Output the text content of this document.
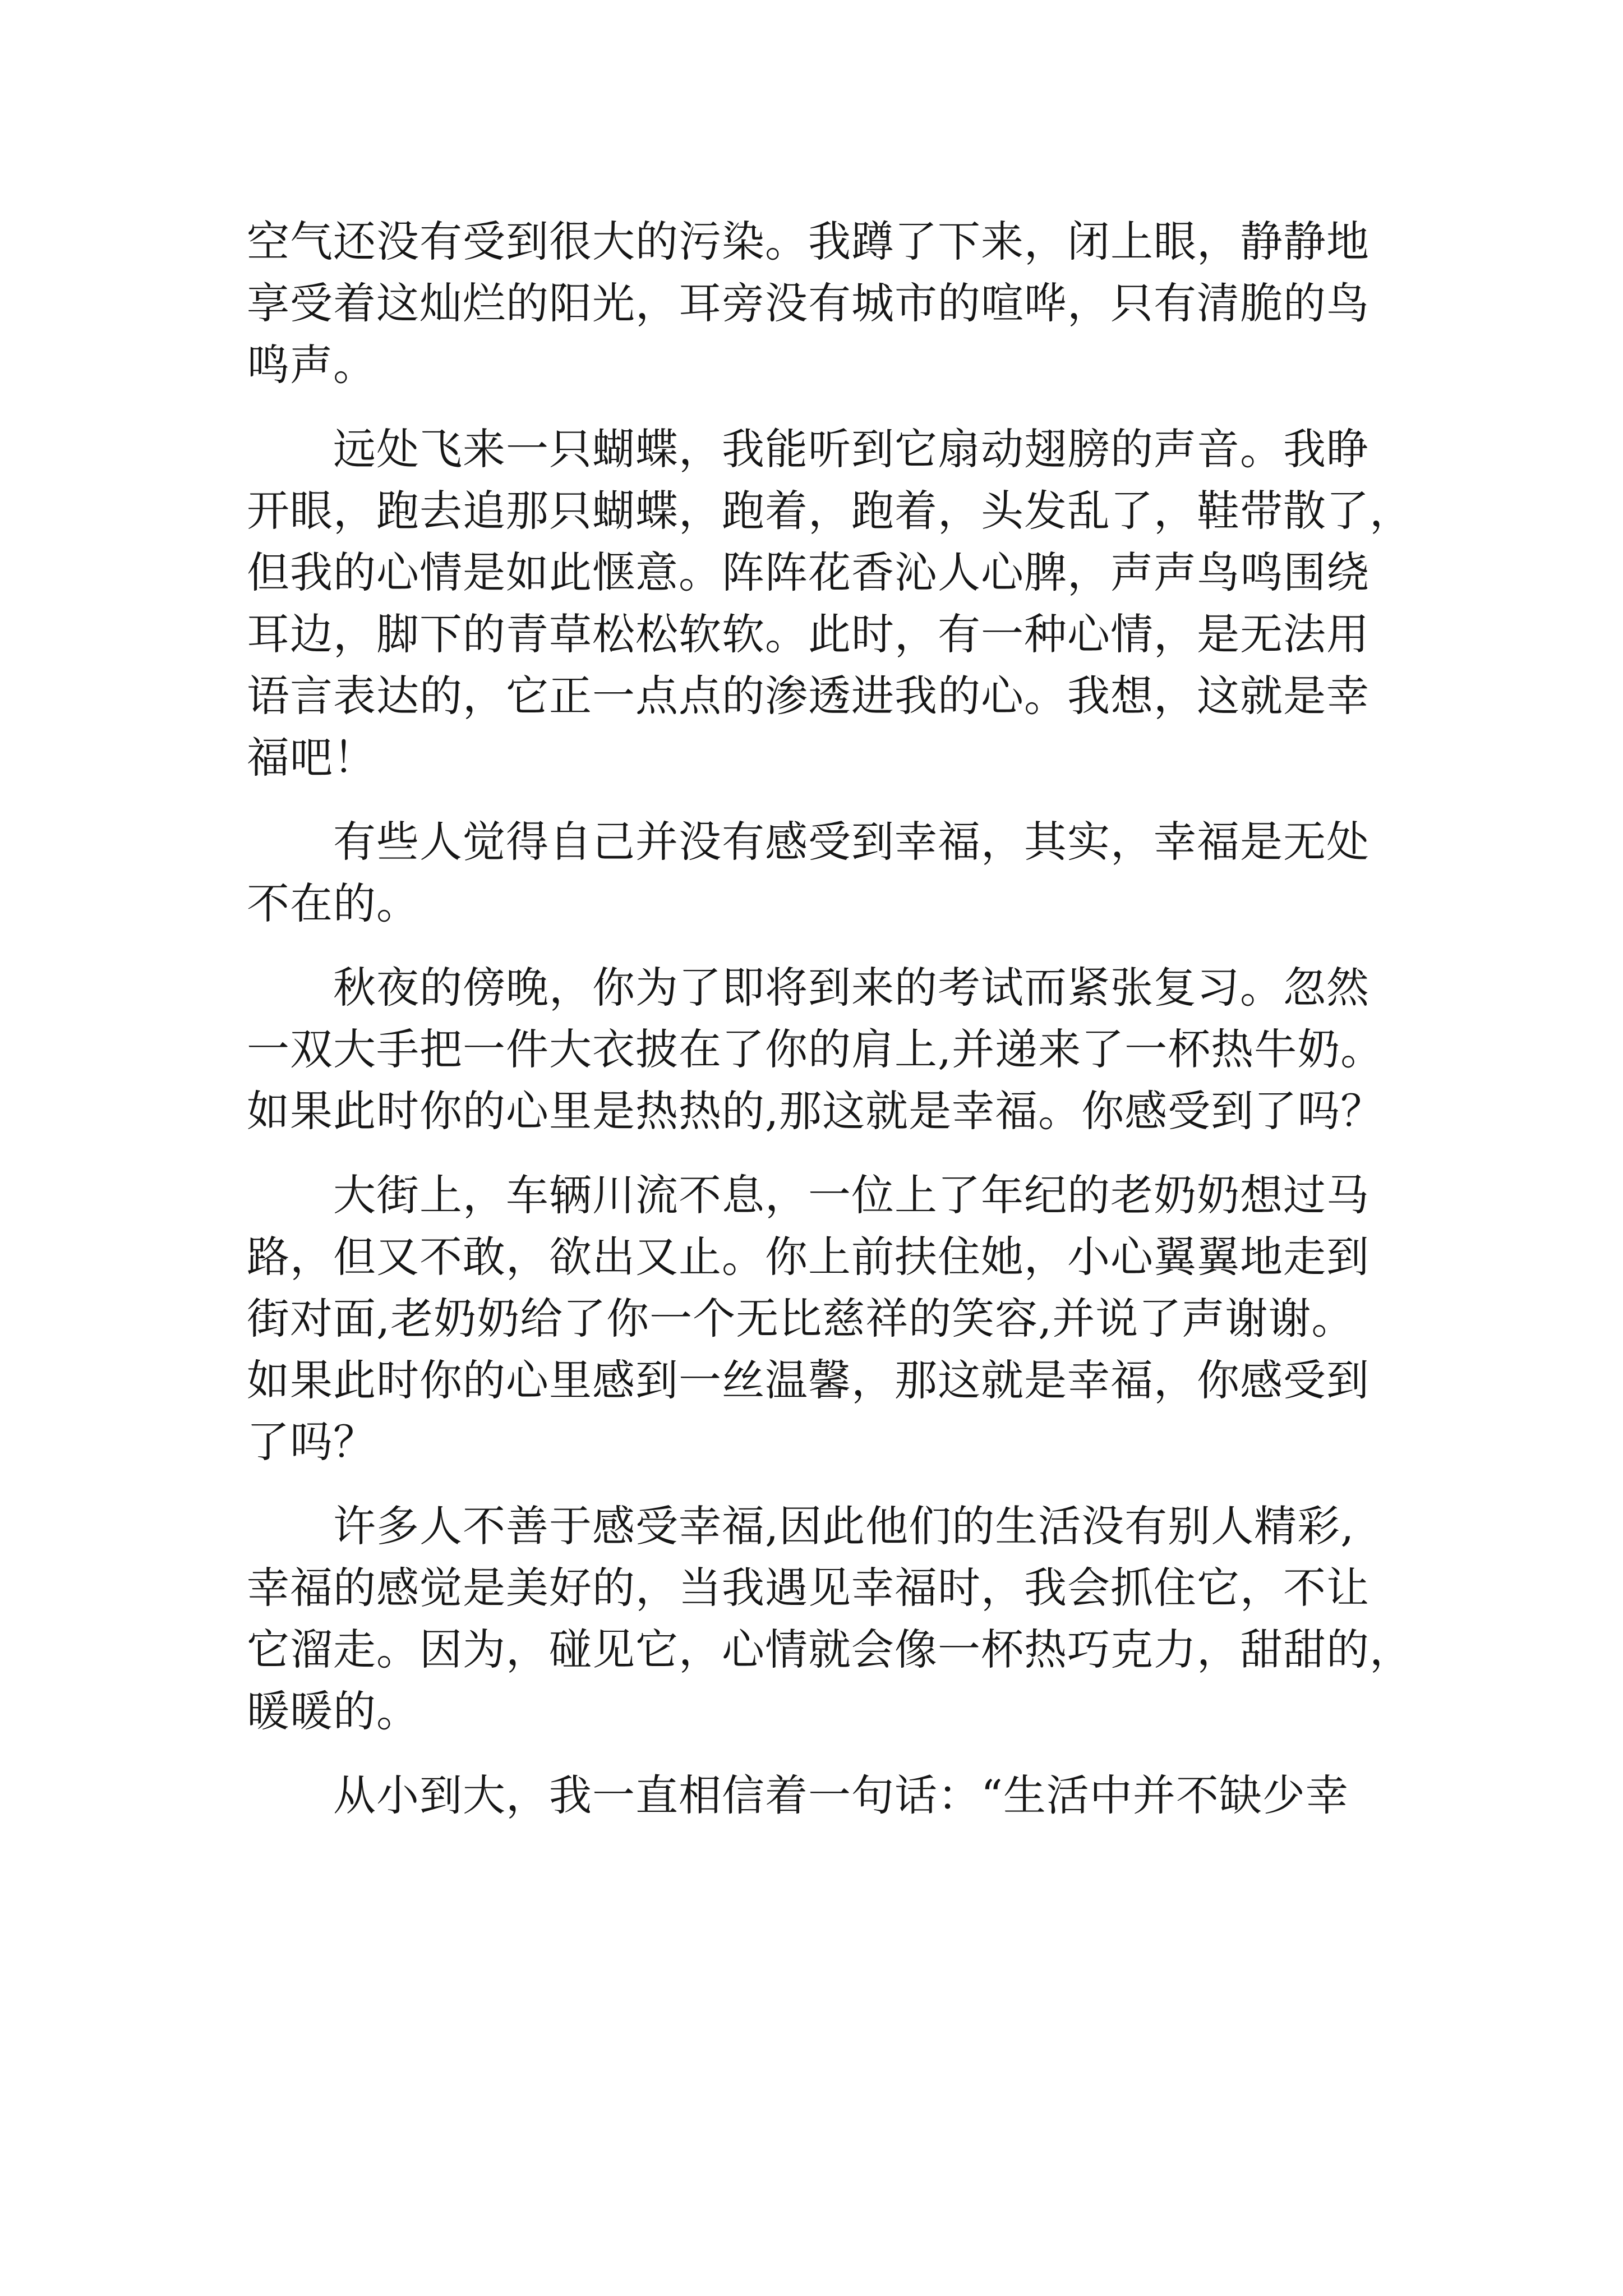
空气还没有受到很大的污染。我蹲了下来，闭上眼，静静地
享受着这灿烂的阳光，耳旁没有城市的喧哗，只有清脆的鸟
鸣声。
　　远处飞来一只蝴蝶，我能听到它扇动翅膀的声音。我睁
开眼，跑去追那只蝴蝶，跑着，跑着，头发乱了，鞋带散了，
但我的心情是如此惬意。阵阵花香沁人心脾，声声鸟鸣围绕
耳边，脚下的青草松松软软。此时，有一种心情，是无法用
语言表达的，它正一点点的渗透进我的心。我想，这就是幸
福吧！
　　有些人觉得自己并没有感受到幸福，其实，幸福是无处
不在的。
　　秋夜的傍晚，你为了即将到来的考试而紧张复习。忽然
一双大手把一件大衣披在了你的肩上,并递来了一杯热牛奶。
如果此时你的心里是热热的,那这就是幸福。你感受到了吗？
　　大街上，车辆川流不息，一位上了年纪的老奶奶想过马
路，但又不敢，欲出又止。你上前扶住她，小心翼翼地走到
街对面,老奶奶给了你一个无比慈祥的笑容,并说了声谢谢。
如果此时你的心里感到一丝温馨，那这就是幸福，你感受到
了吗？
　　许多人不善于感受幸福,因此他们的生活没有别人精彩,
幸福的感觉是美好的，当我遇见幸福时，我会抓住它，不让
它溜走。因为，碰见它，心情就会像一杯热巧克力，甜甜的，
暖暖的。
　　从小到大，我一直相信着一句话：“生活中并不缺少幸
